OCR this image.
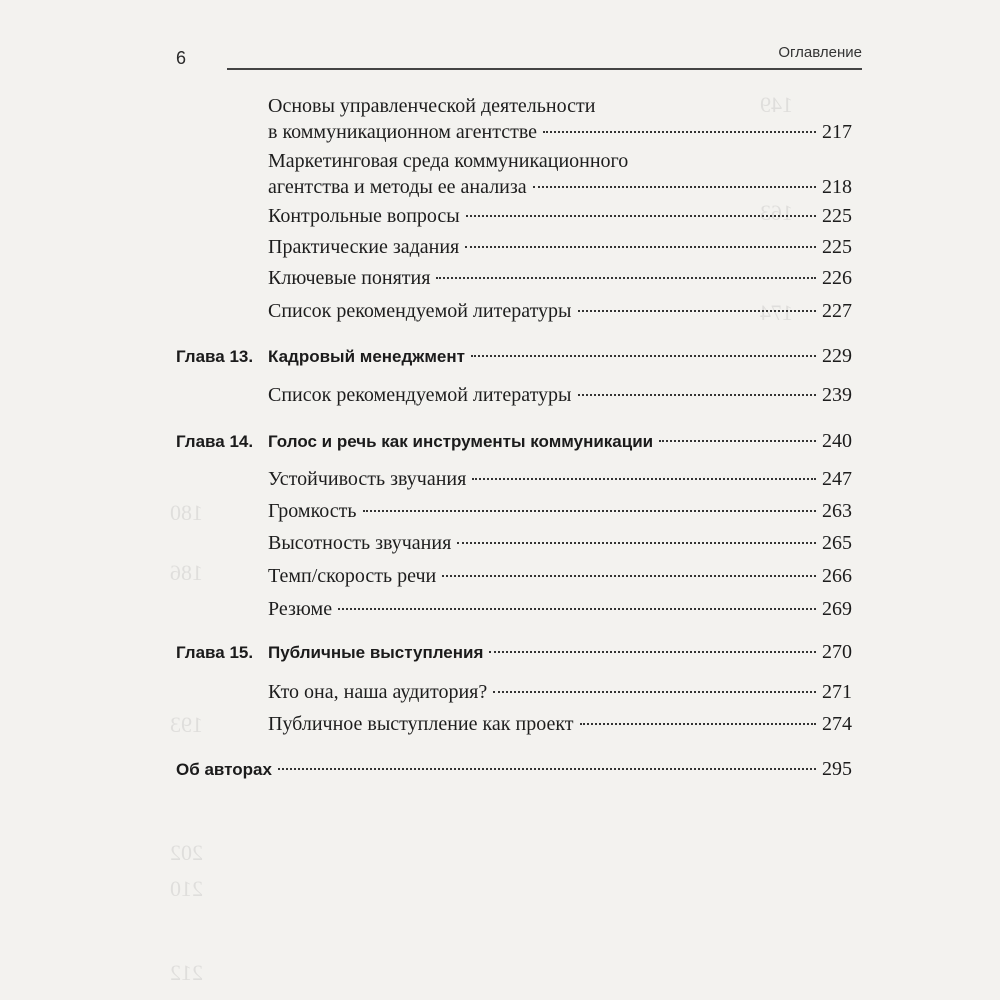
149
163
174
180
186
193
202
210
212
6	Оглавление
Основы управленческой деятельности
в коммуникационном агентстве	217
Маркетинговая среда коммуникационного
агентства и методы ее анализа	218
Контрольные вопросы	225
Практические задания	225
Ключевые понятия	226
Список рекомендуемой литературы	227
Глава 13. Кадровый менеджмент	229
Список рекомендуемой литературы	239
Глава 14. Голос и речь как инструменты коммуникации	240
Устойчивость звучания	247
Громкость	263
Высотность звучания	265
Темп/скорость речи	266
Резюме	269
Глава 15. Публичные выступления	270
Кто она, наша аудитория?	271
Публичное выступление как проект	274
Об авторах	295
